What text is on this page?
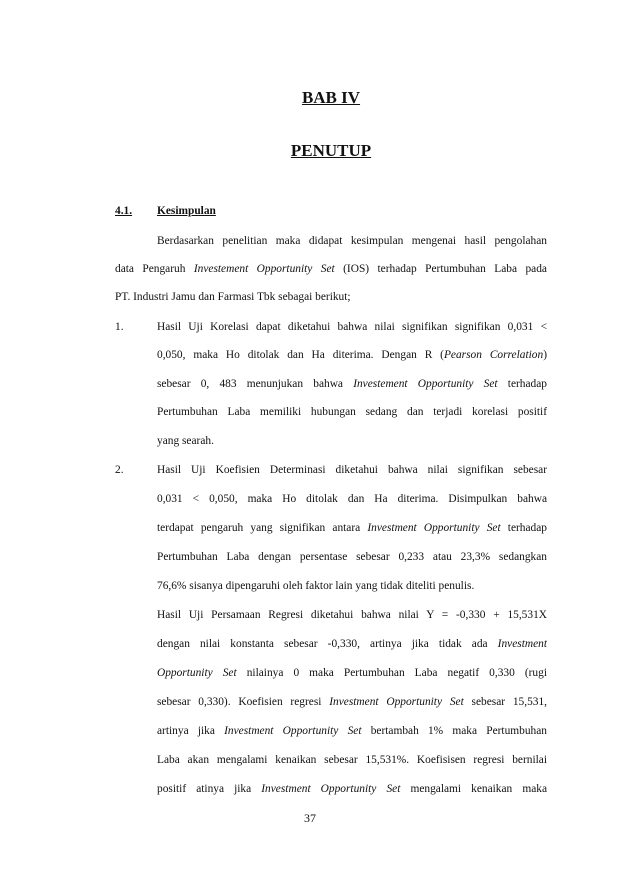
BAB IV
PENUTUP
4.1. Kesimpulan
Berdasarkan penelitian maka didapat kesimpulan mengenai hasil pengolahan
data Pengaruh Investement Opportunity Set (IOS) terhadap Pertumbuhan Laba pada
PT. Industri Jamu dan Farmasi Tbk sebagai berikut;
1.	Hasil Uji Korelasi dapat diketahui bahwa nilai signifikan signifikan 0,031 <
0,050, maka Ho ditolak dan Ha diterima. Dengan R (Pearson Correlation)
sebesar 0, 483 menunjukan bahwa Investement Opportunity Set terhadap
Pertumbuhan Laba memiliki hubungan sedang dan terjadi korelasi positif
yang searah.
2.	Hasil Uji Koefisien Determinasi diketahui bahwa nilai signifikan sebesar
0,031 < 0,050, maka Ho ditolak dan Ha diterima. Disimpulkan bahwa
terdapat pengaruh yang signifikan antara Investment Opportunity Set terhadap
Pertumbuhan Laba dengan persentase sebesar 0,233 atau 23,3% sedangkan
76,6% sisanya dipengaruhi oleh faktor lain yang tidak diteliti penulis.
Hasil Uji Persamaan Regresi diketahui bahwa nilai Y = -0,330 + 15,531X
dengan nilai konstanta sebesar -0,330, artinya jika tidak ada Investment
Opportunity Set nilainya 0 maka Pertumbuhan Laba negatif 0,330 (rugi
sebesar 0,330). Koefisien regresi Investment Opportunity Set sebesar 15,531,
artinya jika Investment Opportunity Set bertambah 1% maka Pertumbuhan
Laba akan mengalami kenaikan sebesar 15,531%. Koefisisen regresi bernilai
positif atinya jika Investment Opportunity Set mengalami kenaikan maka
37
